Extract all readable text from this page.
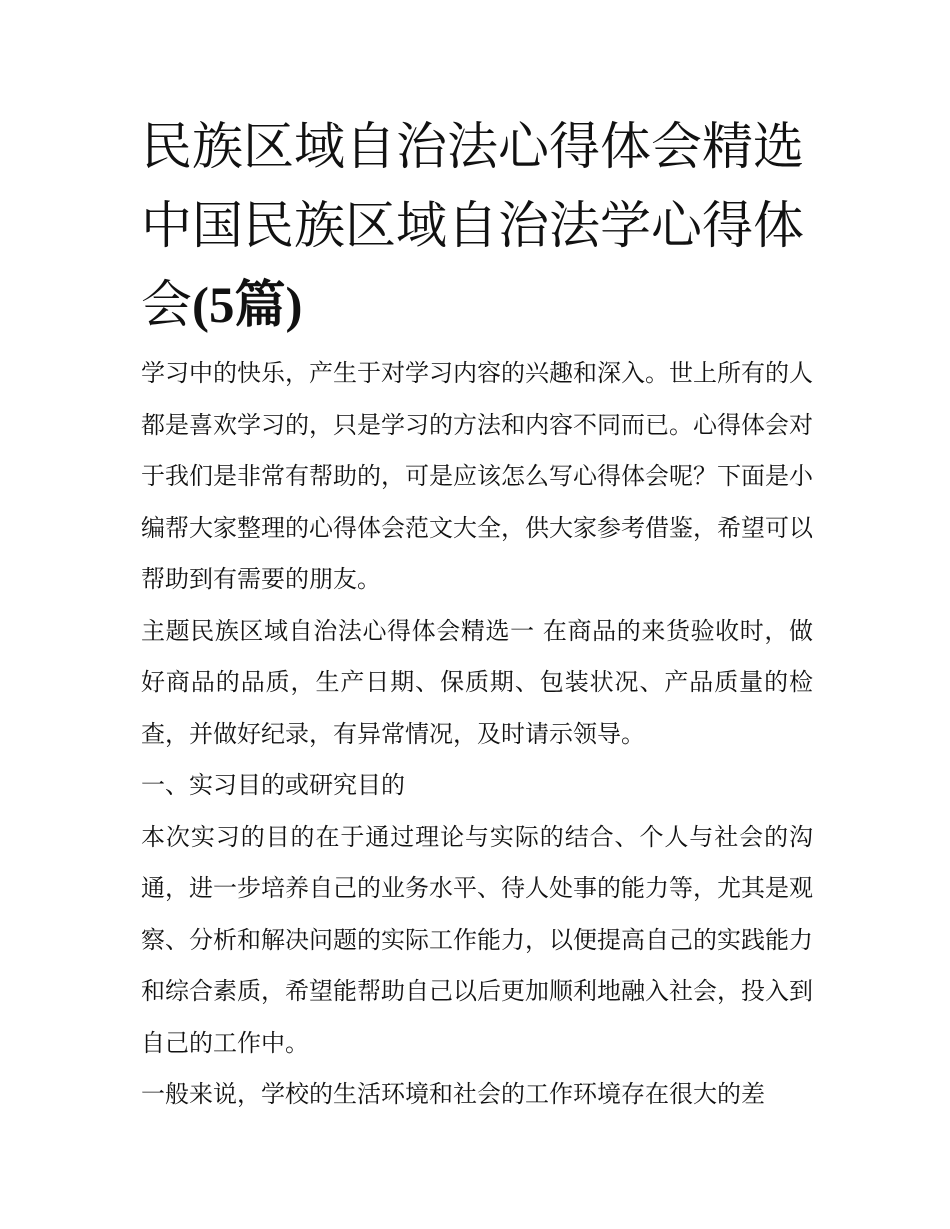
民族区域自治法心得体会精选中国民族区域自治法学心得体会(5篇)

学习中的快乐，产生于对学习内容的兴趣和深入。世上所有的人都是喜欢学习的，只是学习的方法和内容不同而已。心得体会对于我们是非常有帮助的，可是应该怎么写心得体会呢？下面是小编帮大家整理的心得体会范文大全，供大家参考借鉴，希望可以帮助到有需要的朋友。

主题民族区域自治法心得体会精选一 在商品的来货验收时，做好商品的品质，生产日期、保质期、包装状况、产品质量的检查，并做好纪录，有异常情况，及时请示领导。

一、实习目的或研究目的

本次实习的目的在于通过理论与实际的结合、个人与社会的沟通，进一步培养自己的业务水平、待人处事的能力等，尤其是观察、分析和解决问题的实际工作能力，以便提高自己的实践能力和综合素质，希望能帮助自己以后更加顺利地融入社会，投入到自己的工作中。

一般来说，学校的生活环境和社会的工作环境存在很大的差
